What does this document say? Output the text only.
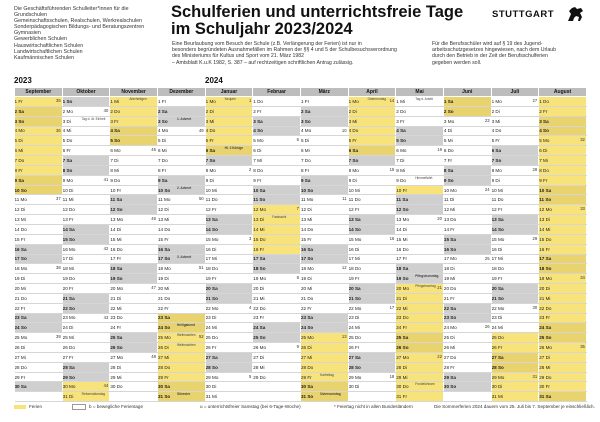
Die Geschäftsführenden Schulleiter*innen für die
Grundschulen
Gemeinschaftsschulen, Realschulen, Werkrealschulen
Sonderpädagogischen Bildungs- und Beratungszentren
Gymnasien
Gewerblichen Schulen
Hauswirtschaftlichen Schulen
Landwirtschaftlichen Schulen
Kaufmännischen Schulen
Schulferien und unterrichtsfreie Tage
im Schuljahr 2023/2024
Eine Beurlaubung vom Besuch der Schule (z.B. Verlängerung der Ferien) ist nur in
besonders begründeten Ausnahmefällen im Rahmen der §§ 4 und 5 der Schulbesuchsverordnung
des Ministeriums für Kultus und Sport vom 21. März 1982
– Amtsblatt K.u.K 1982, S. 387 – auf rechtzeitigen schriftlichen Antrag zulässig.
Für die Berufsschüler wird auf § 19 des Jugend-
arbeitsschutzgesetzes hingewiesen, nach dem Urlaub
durch den Betrieb in der Zeit der Berufsschulferien
gegeben werden soll.
STUTTGART
2023	2024
September	Oktober	November	Dezember	Januar	Februar	März	April	Mai	Juni	Juli	August
1 Fr 35	1 So	1 Mi Allerheiligen	1 Fr	1 Mo Neujahr 1	1 Do	1 Fr	1 Mo Ostermontag 14	1 Mi Tag d. Arbeit	1 Sa	1 Mo 27	1 Do
2 Sa	2 Mo 40	2 Do	2 Sa	2 Di	2 Fr	2 Sa	2 Di	2 Do	2 So	2 Di	2 Fr
3 So	3 Di Tag d. dt. Einheit	3 Fr	3 So 1. Advent	3 Mi	3 Sa	3 So	3 Mi	3 Fr	3 Mo 23	3 Mi	3 Sa
4 Mo 36	4 Mi	4 Sa	4 Mo 49	4 Do	4 So	4 Mo 10	4 Do	4 Sa	4 Di	4 Do	4 So
5 Di	5 Do	5 So	5 Di	5 Fr	5 Mo 6	5 Di	5 Fr	5 So	5 Mi	5 Fr	5 Mo 32

6 Mi	6 Fr	6 Mo 45	6 Mi	6 Sa Hl. 3 Könige	6 Di	6 Mi	6 Sa	6 Mo 19	6 Do	6 Sa	6 Di
7 Do	7 Sa	7 Di	7 Do	7 So	7 Mi	7 Do	7 So	7 Di	7 Fr	7 So	7 Mi
8 Fr	8 So	8 Mi	8 Fr	8 Mo 2	8 Do	8 Fr	8 Mo 15	8 Mi	8 Sa	8 Mo 28	8 Do
9 Sa	9 Mo 41	9 Do	9 Sa	9 Di	9 Fr	9 Sa	9 Di	9 Do Himmelfahrt	9 So	9 Di	9 Fr
10 So	10 Di	10 Fr	10 So 2. Advent	10 Mi	10 Sa	10 So	10 Mi	10 Fr	10 Mo 24	10 Mi	10 Sa
11 Mo 37	11 Mi	11 Sa	11 Mo 50	11 Do	11 So	11 Mo 11	11 Do	11 Sa	11 Di	11 Do	11 So
12 Di	12 Do	12 So	12 Di	12 Fr	12 Mo 7	12 Di	12 Fr	12 So	12 Mi	12 Fr	12 Mo 33

13 Mi	13 Fr	13 Mo 46	13 Mi	13 Sa	13 Di Fastnacht	13 Mi	13 Sa	13 Mo 20	13 Do	13 Sa	13 Di
14 Do	14 Sa	14 Di	14 Do	14 So	14 Mi	14 Do	14 So	14 Di	14 Fr	14 So	14 Mi
15 Fr	15 So	15 Mi	15 Fr	15 Mo 3	15 Do	15 Fr	15 Mo 16	15 Mi	15 Sa	15 Mo 29	15 Do
16 Sa	16 Mo 42	16 Do	16 Sa	16 Di	16 Fr	16 Sa	16 Di	16 Do	16 So	16 Di	16 Fr
17 So	17 Di	17 Fr	17 So 3. Advent	17 Mi	17 Sa	17 So	17 Mi	17 Fr	17 Mo 25	17 Mi	17 Sa
18 Mo 38	18 Mi	18 Sa	18 Mo 51	18 Do	18 So	18 Mo 12	18 Do	18 Sa	18 Di	18 Do	18 So
19 Di	19 Do	19 So	19 Di	19 Fr	19 Mo 8	19 Di	19 Fr	19 So Pfingstsonntag	19 Mi	19 Fr	19 Mo 34

20 Mi	20 Fr	20 Mo 47	20 Mi	20 Sa	20 Di	20 Mi	20 Sa	20 Mo Pfingstmontag 21	20 Do	20 Sa	20 Di
21 Do	21 Sa	21 Di	21 Do	21 So	21 Mi	21 Do	21 So	21 Di	21 Fr	21 So	21 Mi
22 Fr	22 So	22 Mi	22 Fr	22 Mo 4	22 Do	22 Fr	22 Mo 17	22 Mi	22 Sa	22 Mo 30	22 Do
23 Sa	23 Mo 43	23 Do	23 Sa	23 Di	23 Fr	23 Sa	23 Di	23 Do	23 So	23 Di	23 Fr
24 So	24 Di	24 Fr	24 So Heiligabend	24 Mi	24 Sa	24 So	24 Mi	24 Fr	24 Mo 26	24 Mi	24 Sa
25 Mo 39	25 Mi	25 Sa	25 Mo Weihnachten 52	25 Do	25 So	25 Mo 13	25 Do	25 Sa	25 Di	25 Do	25 So
26 Di	26 Do	26 So	26 Di Weihnachten	26 Fr	26 Mo 9	26 Di	26 Fr	26 So	26 Mi	26 Fr	26 Mo 35

27 Mi	27 Fr	27 Mo 48	27 Mi	27 Sa	27 Di	27 Mi	27 Sa	27 Mo 22	27 Do	27 Sa	27 Di
28 Do	28 Sa	28 Di	28 Do	28 So	28 Mi	28 Do	28 So	28 Di	28 Fr	28 So	28 Mi
29 Fr	29 So	29 Mi	29 Fr	29 Mo 5	29 Do	29 Fr Karfreitag	29 Mo 18	29 Mi	29 Sa	29 Mo 31	29 Do
30 Sa	30 Mo 44	30 Do	30 Sa	30 Di		30 Sa	30 Di	30 Do Fronleichnam	30 So	30 Di	30 Fr
	31 Di Reformationstag		31 So Silvester	31 Mi		31 So Ostersonntag		31 Fr		31 Mi	31 Sa
Ferien	b = bewegliche Ferientage	u = unterrichtsfreier Samstag (bei 6-Tage-Woche)	* Feiertag nicht in allen Bundesländern	Die Sommerferien 2024 dauern vom 25. Juli bis 7. September je einschließlich.
